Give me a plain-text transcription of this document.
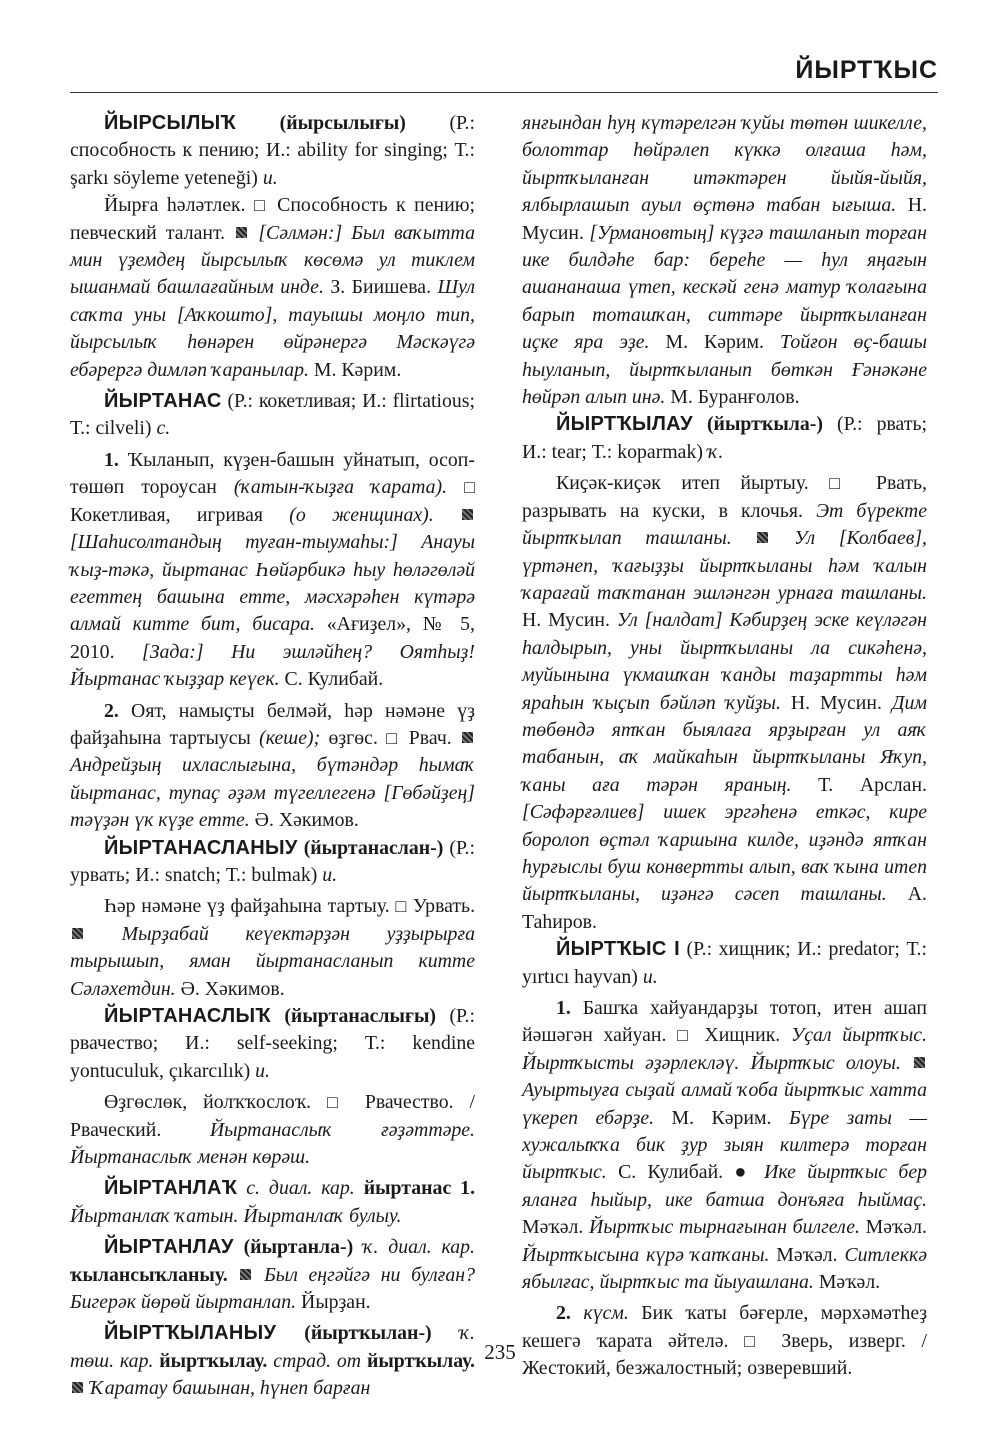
ЙЫРТҠЫС

ЙЫРСЫЛЫҠ (йырсылығы) (Р.: способность к пению; И.: ability for singing; Т.: şarkı söyleme yeteneği) и.

Йырға һәләтлек. □ Способность к пению; певческий талант. [Сәлмән:] Был ваҡытта мин үҙемдең йырсылыҡ көсөмә ул тиклем ышанмай башлағайным инде. З. Биишева. Шул саҡта уны [Аҡкошто], тауышы моңло тип, йырсылыҡ һөнәрен өйрәнергә Мәскәүгә ебәрергә димләп ҡаранылар. М. Кәрим.

ЙЫРТАНАС (Р.: кокетливая; И.: flirtatious; Т.: cilveli) с.

1. Ҡыланып, күҙен-башын уйнатып, осоп-төшөп тороусан (ҡатын-ҡыҙға ҡарата). □ Кокетливая, игривая (о женщинах).  [Шаһисолтандың туған-тыумаһы:] Анауы ҡыҙ-тәкә, йыртанас Һөйәрбикә һыу һөләгөләй егеттең башына етте, мәсхәрәһен күтәрә алмай китте бит, бисара. «Ағиҙел», № 5, 2010. [Зада:] Ни эшләйһең? Оятһыҙ! Йыртанас ҡыҙҙар кеүек. С. Кулибай.

2. Оят, намыҫты белмәй, һәр нәмәне үҙ файҙаһына тартыусы (кеше); өҙгөс. □ Рвач.  Андрейҙың ихласлығына, бүтәндәр һымаҡ йыртанас, тупаҫ әҙәм түгеллегенә [Гөбәйҙең] тәүҙән үк күҙе етте. Ә. Хәкимов.

ЙЫРТАНАСЛАНЫУ (йыртанаслан-) (Р.: урвать; И.: snatch; Т.: bulmak) и.

Һәр нәмәне үҙ файҙаһына тартыу. □ Урвать.  Мырҙабай кеүектәрҙән уҙҙырырға тырышып, яман йыртанасланып китте Сәләхетдин. Ә. Хәкимов.

ЙЫРТАНАСЛЫҠ (йыртанаслығы) (Р.: рвачество; И.: self-seeking; Т.: kendine yontuculuk, çıkarcılık) и.

Өҙгөслөк, йолҡҡослоҡ. □ Рвачество. / Рвачеcкий. Йыртанаслыҡ ғәҙәттәре. Йыртанаслыҡ менән көрәш.

ЙЫРТАНЛАҠ с. диал. кар. йыртанас 1. Йыртанлаҡ ҡатын. Йыртанлаҡ булыу.

ЙЫРТАНЛАУ (йыртанла-) ҡ. диал. кар. ҡылансыҡланыу. Был еңгәйгә ни булған? Бигерәк йөрөй йыртанлап. Йырҙан.

ЙЫРТҠЫЛАНЫУ (йыртҡылан-) ҡ. төш. кар. йыртҡылау. страд. от йыртҡылау.  Ҡаратау башынан, һүнеп барған

янғындан һуң күтәрелгән ҡуйы төтөн шикелле, болоттар һөйрәлеп күккә олғаша һәм, йыртҡыланған итәктәрен йыйя-йыйя, ялбырлашып ауыл өҫтөнә табан ығыша. Н. Мусин. [Урмановтың] күҙгә ташланып торған ике билдәһе бар: береһе — һул яңағын ашананаша үтеп, кескәй генә матур ҡолағына барып тоташҡан, ситтәре йыртҡыланған иҫке яра эҙе. М. Кәрим. Тойғон өҫ-башы һыуланып, йыртҡыланып бөткән Ғәнәкәне һөйрәп алып инә. М. Буранғолов.

ЙЫРТҠЫЛАУ (йыртҡыла-) (Р.: рвать; И.: tear; Т.: koparmak) ҡ.

Киҫәк-киҫәк итеп йыртыу. □ Рвать, разрывать на куски, в клочья. Эт бүректе йыртҡылап ташланы.	Ул [Колбаев], үртәнеп, ҡағыҙҙы йыртҡыланы һәм ҡалын ҡарағай таҡтанан эшләнгән урнаға ташланы. Н. Мусин. Ул [налдат] Кәбирҙең эске кеүләгән һалдырып, уны йыртҡыланы ла сикәһенә, муйынына үкмашҡан ҡанды таҙартты һәм яраһын ҡыҫып бәйләп ҡуйҙы. Н. Мусин. Дим төбөндә ятҡан быялаға ярҙырған ул аяҡ табанын, аҡ майкаһын йыртҡыланы Яҡуп, ҡаны аға тәрән яраның. Т. Арслан. [Сәфәрғәлиев] ишек эргәһенә еткәс, кире боролоп өҫтәл ҡаршына килде, иҙәндә ятҡан һурғыслы буш конвертты алып, ваҡ ҡына итеп йыртҡыланы, иҙәнгә сәсеп ташланы. А. Таһиров.

ЙЫРТҠЫС I (Р.: хищник; И.: predator; Т.: yırtıcı hayvan) и.

1. Башҡа хайуандарҙы тотоп, итен ашап йәшәгән хайуан. □ Хищник. Уҫал йыртҡыс. Йыртҡысты әҙәрлекләү. Йыртҡыс олоуы.  Ауыртыуға сыҙай алмай ҡоба йыртҡыс хатта үкереп ебәрҙе. М. Кәрим. Бүре заты — хужалыҡҡа бик ҙур зыян килтерә торған йыртҡыс. С. Кулибай. ● Ике йыртҡыс бер яланға һыйыр, ике батша донъяға һыймаҫ. Мәҡәл. Йыртҡыс тырнағынан билгеле. Мәҡәл. Йыртҡысына күрә ҡапҡаны. Мәҡәл. Ситлеккә ябылғас, йыртҡыс та йыуашлана. Мәҡәл.

2. күсм. Бик ҡаты бәғерле, мәрхәмәтһеҙ кешегә ҡарата әйтелә. □ Зверь, изверг. / Жестокий, безжалостный; озверевший.

235
